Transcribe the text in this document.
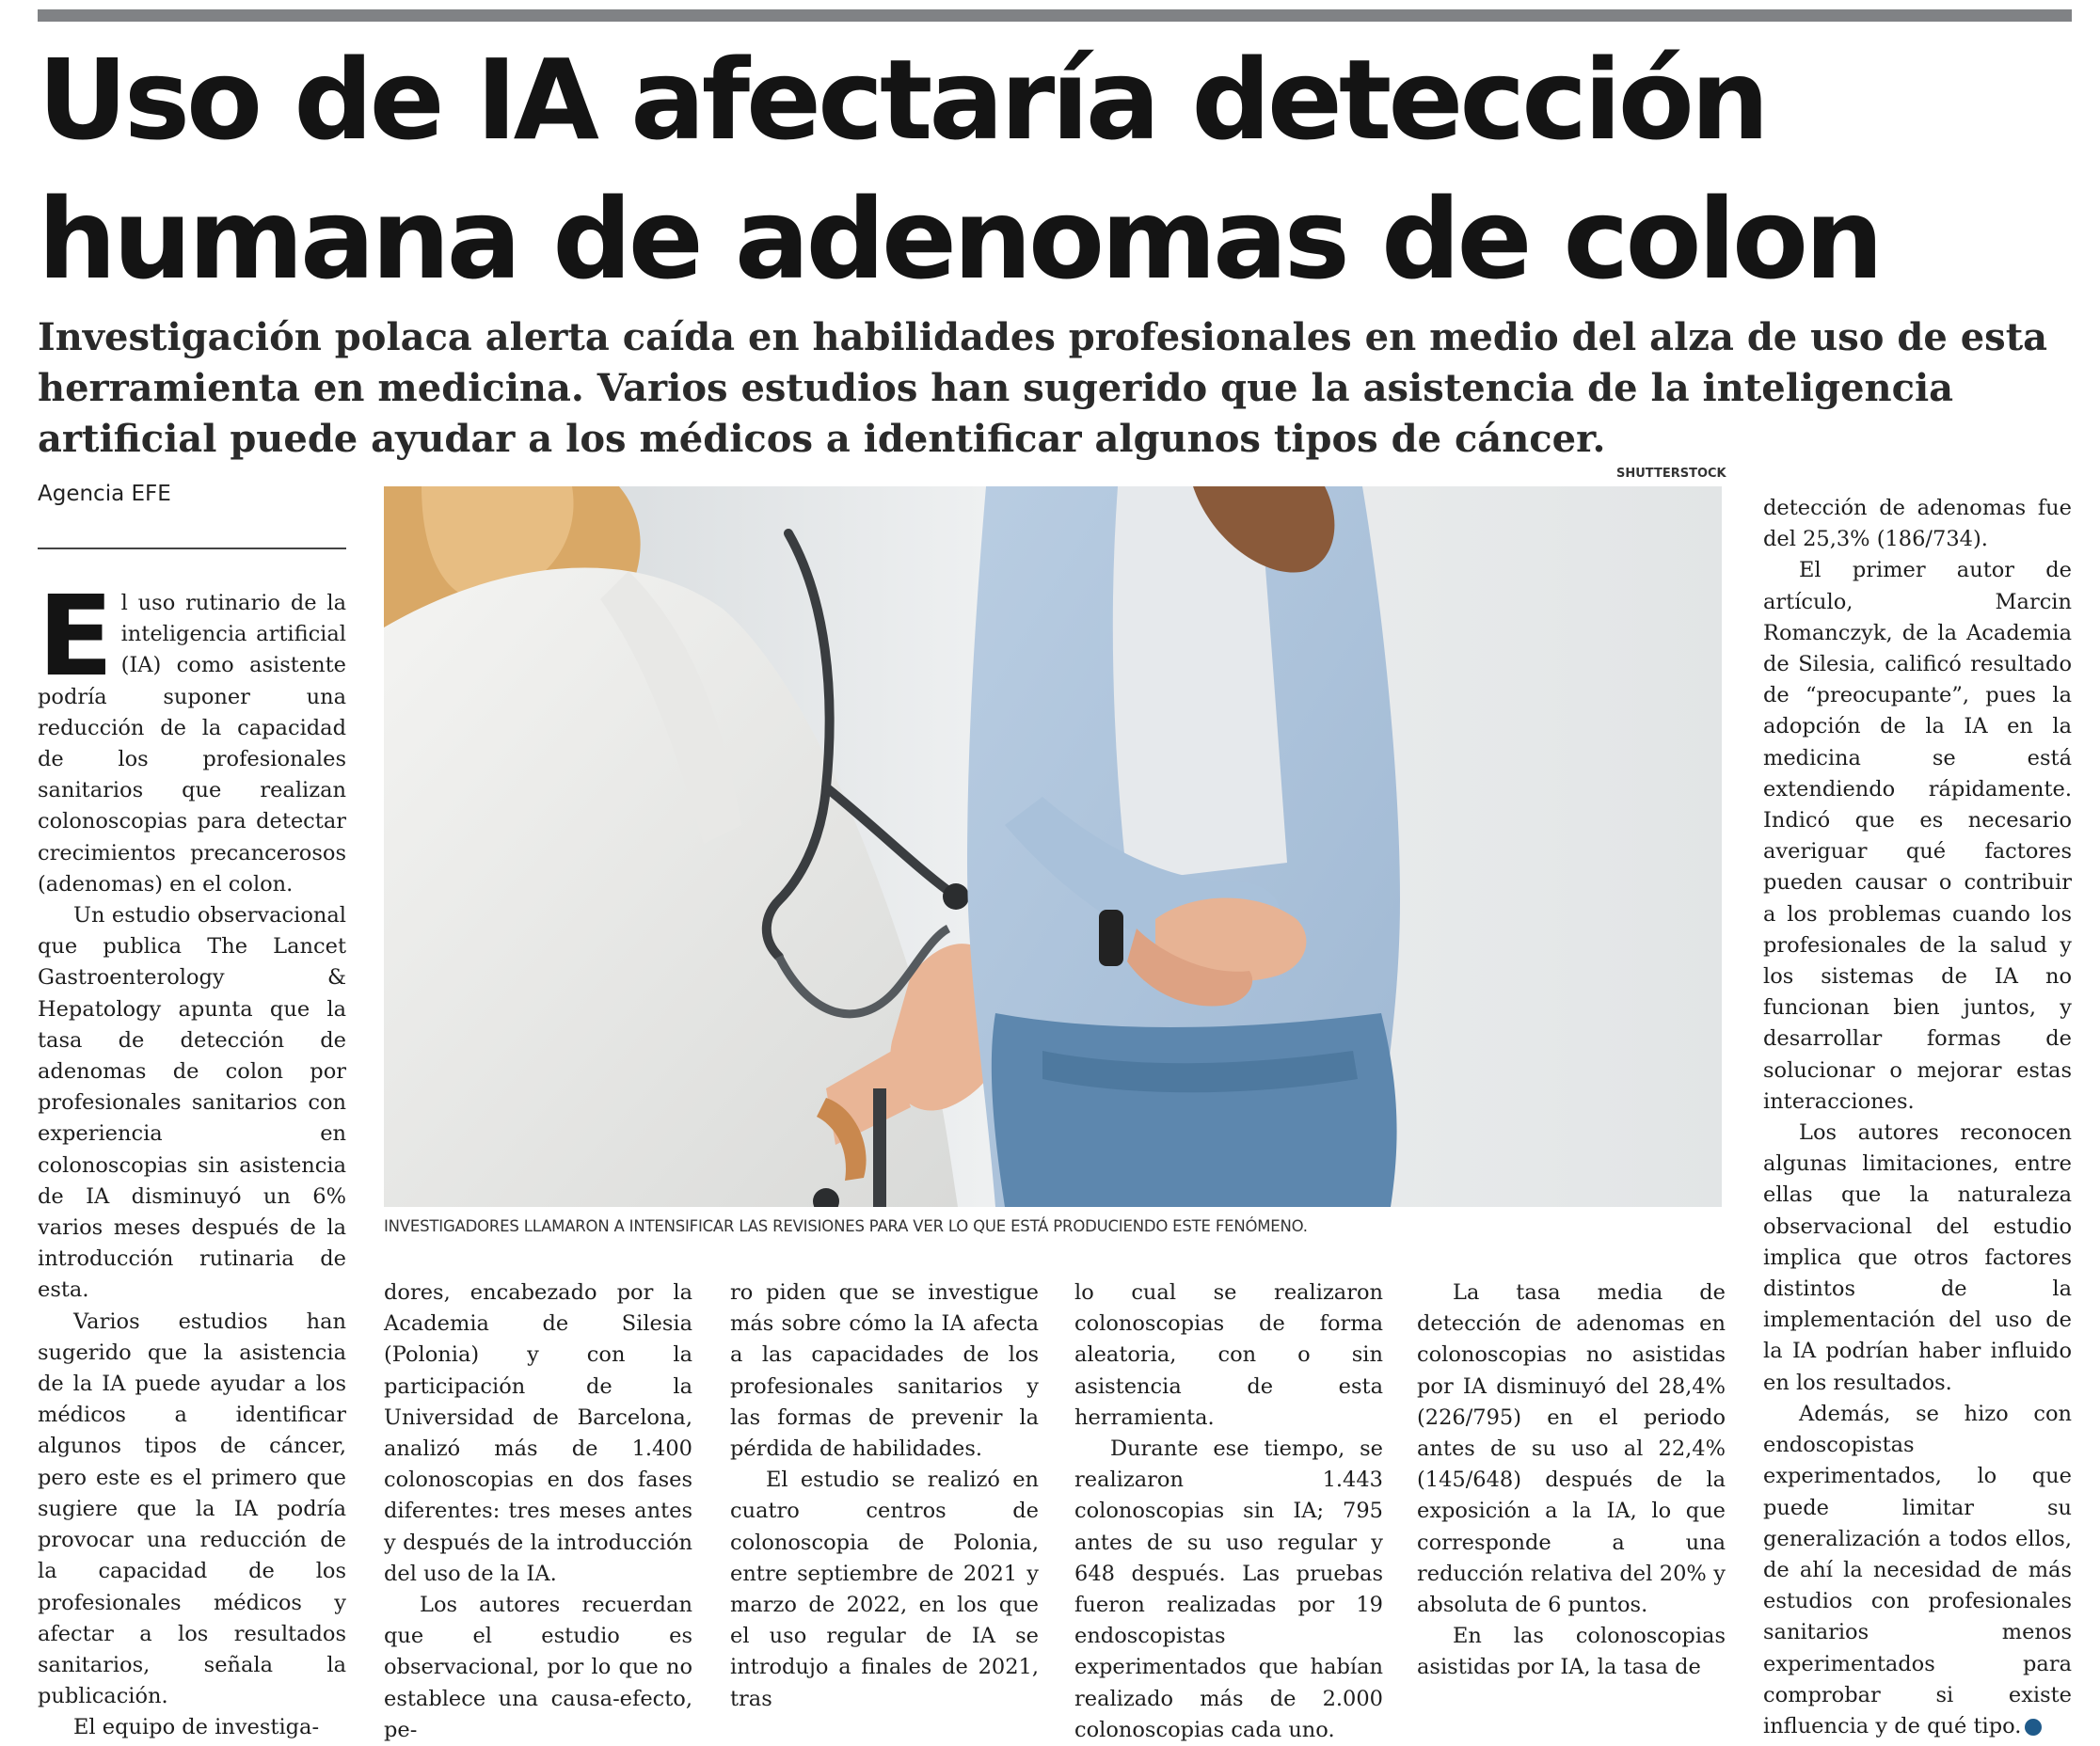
Uso de IA afectaría detección humana de adenomas de colon

Investigación polaca alerta caída en habilidades profesionales en medio del alza de uso de esta herramienta en medicina. Varios estudios han sugerido que la asistencia de la inteligencia artificial puede ayudar a los médicos a identificar algunos tipos de cáncer.

Agencia EFE
SHUTTERSTOCK
INVESTIGADORES LLAMARON A INTENSIFICAR LAS REVISIONES PARA VER LO QUE ESTÁ PRODUCIENDO ESTE FENÓMENO.

El uso rutinario de la inteligencia artificial (IA) como asistente podría suponer una reducción de la capacidad de los profesionales sanitarios que realizan colonoscopias para detectar crecimientos precancerosos (adenomas) en el colon.

Un estudio observacional que publica The Lancet Gastroenterology & Hepatology apunta que la tasa de detección de adenomas de colon por profesionales sanitarios con experiencia en colonoscopias sin asistencia de IA disminuyó un 6% varios meses después de la introducción rutinaria de esta.

Varios estudios han sugerido que la asistencia de la IA puede ayudar a los médicos a identificar algunos tipos de cáncer, pero este es el primero que sugiere que la IA podría provocar una reducción de la capacidad de los profesionales médicos y afectar a los resultados sanitarios, señala la publicación.

El equipo de investiga-

dores, encabezado por la Academia de Silesia (Polonia) y con la participación de la Universidad de Barcelona, analizó más de 1.400 colonoscopias en dos fases diferentes: tres meses antes y después de la introducción del uso de la IA.

Los autores recuerdan que el estudio es observacional, por lo que no establece una causa-efecto, pe-

ro piden que se investigue más sobre cómo la IA afecta a las capacidades de los profesionales sanitarios y las formas de prevenir la pérdida de habilidades.

El estudio se realizó en cuatro centros de colonoscopia de Polonia, entre septiembre de 2021 y marzo de 2022, en los que el uso regular de IA se introdujo a finales de 2021, tras

lo cual se realizaron colonoscopias de forma aleatoria, con o sin asistencia de esta herramienta.

Durante ese tiempo, se realizaron 1.443 colonoscopias sin IA; 795 antes de su uso regular y 648 después. Las pruebas fueron realizadas por 19 endoscopistas experimentados que habían realizado más de 2.000 colonoscopias cada uno.

La tasa media de detección de adenomas en colonoscopias no asistidas por IA disminuyó del 28,4% (226/795) en el periodo antes de su uso al 22,4% (145/648) después de la exposición a la IA, lo que corresponde a una reducción relativa del 20% y absoluta de 6 puntos.

En las colonoscopias asistidas por IA, la tasa de

detección de adenomas fue del 25,3% (186/734).

El primer autor de artículo, Marcin Romanczyk, de la Academia de Silesia, calificó resultado de “preocupante”, pues la adopción de la IA en la medicina se está extendiendo rápidamente. Indicó que es necesario averiguar qué factores pueden causar o contribuir a los problemas cuando los profesionales de la salud y los sistemas de IA no funcionan bien juntos, y desarrollar formas de solucionar o mejorar estas interacciones.

Los autores reconocen algunas limitaciones, entre ellas que la naturaleza observacional del estudio implica que otros factores distintos de la implementación del uso de la IA podrían haber influido en los resultados.

Además, se hizo con endoscopistas experimentados, lo que puede limitar su generalización a todos ellos, de ahí la necesidad de más estudios con profesionales sanitarios menos experimentados para comprobar si existe influencia y de qué tipo.	✪
